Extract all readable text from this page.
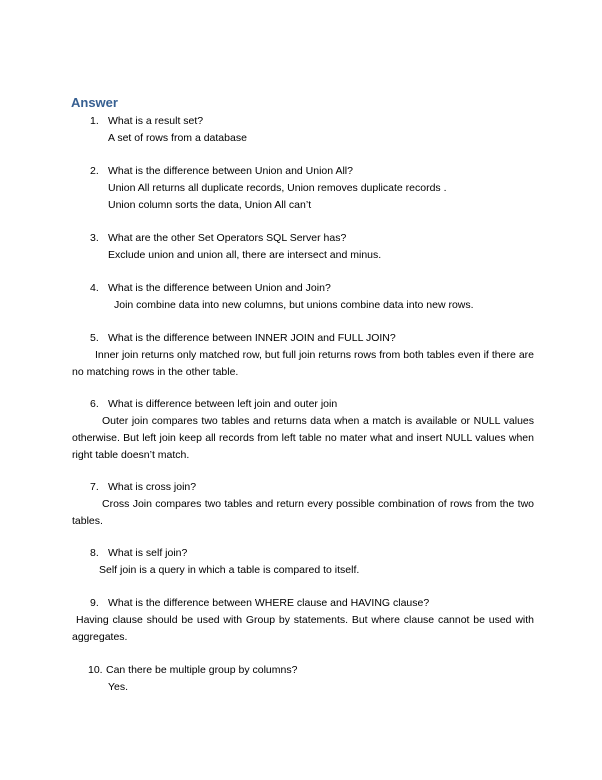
Answer
1. What is a result set?
A set of rows from a database
2. What is the difference between Union and Union All?
Union All returns all duplicate records, Union removes duplicate records .
Union column sorts the data, Union All can’t
3. What are the other Set Operators SQL Server has?
Exclude union and union all, there are intersect and minus.
4. What is the difference between Union and Join?
Join combine data into new columns, but unions combine data into new rows.
5. What is the difference between INNER JOIN and FULL JOIN?
Inner join returns only matched row, but full join returns rows from both tables even if there are no matching rows in the other table.
6. What is difference between left join and outer join
Outer join compares two tables and returns data when a match is available or NULL values otherwise. But left join keep all records from left table no mater what and insert NULL values when right table doesn’t match.
7. What is cross join?
Cross Join compares two tables and return every possible combination of rows from the two tables.
8. What is self join?
Self join is a query in which a table is compared to itself.
9. What is the difference between WHERE clause and HAVING clause?
Having clause should be used with Group by statements. But where clause cannot be used with aggregates.
10. Can there be multiple group by columns?
Yes.
